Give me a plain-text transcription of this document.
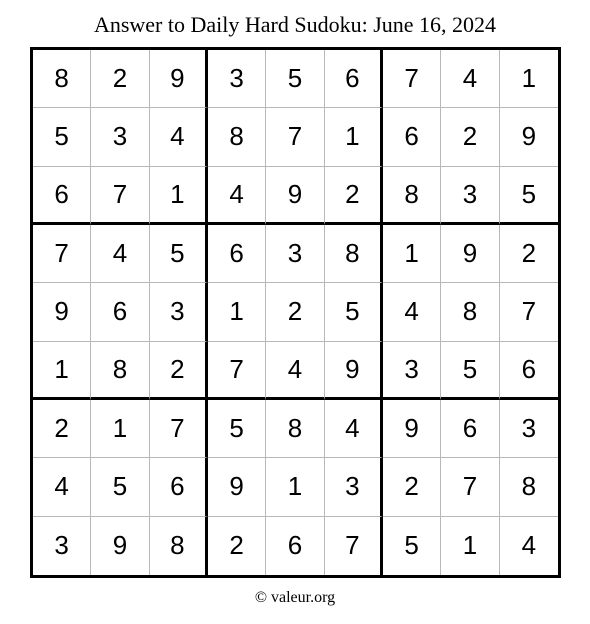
Answer to Daily Hard Sudoku: June 16, 2024
8	2	9	3	5	6	7	4	1
5	3	4	8	7	1	6	2	9
6	7	1	4	9	2	8	3	5
7	4	5	6	3	8	1	9	2
9	6	3	1	2	5	4	8	7
1	8	2	7	4	9	3	5	6
2	1	7	5	8	4	9	6	3
4	5	6	9	1	3	2	7	8
3	9	8	2	6	7	5	1	4
© valeur.org
